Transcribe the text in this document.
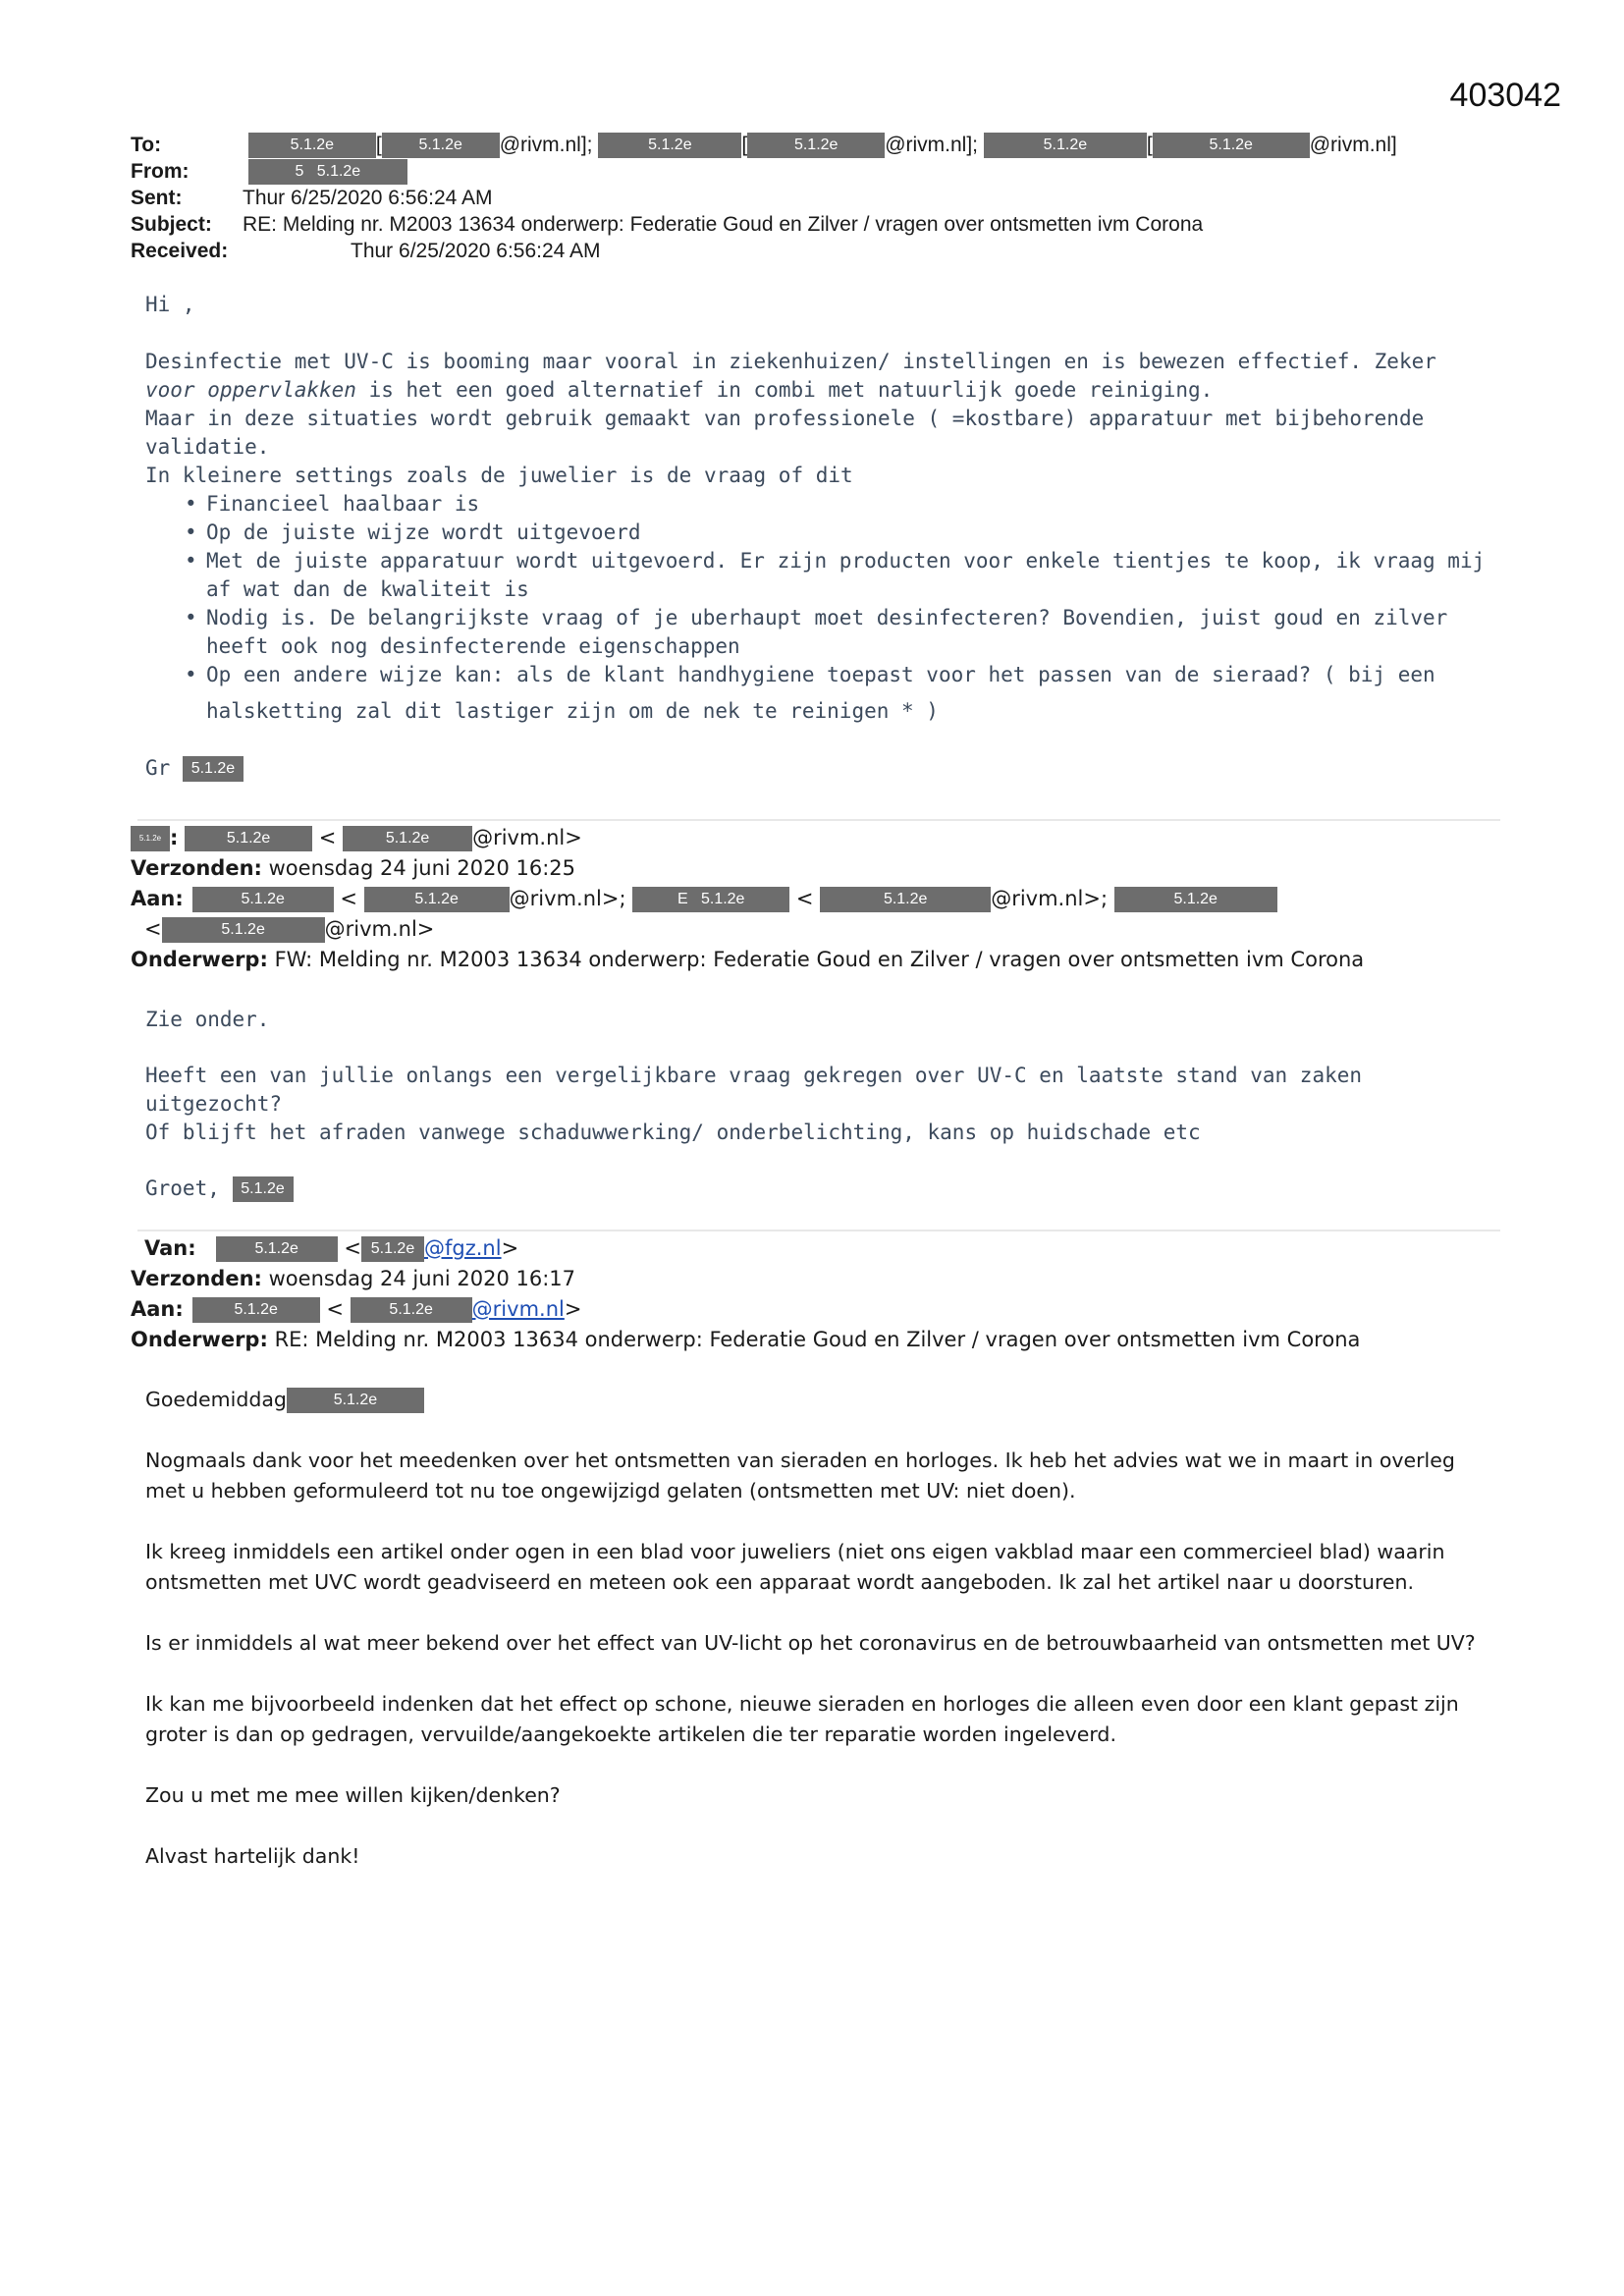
403042
To:	5.1.2e [ 5.1.2e @rivm.nl];	5.1.2e [	5.1.2e @rivm.nl];	5.1.2e	[	5.1.2e	@rivm.nl]
From:	5 5.1.2e
Sent:	Thur 6/25/2020 6:56:24 AM
Subject: RE: Melding nr. M2003 13634 onderwerp: Federatie Goud en Zilver / vragen over ontsmetten ivm Corona
Received:	Thur 6/25/2020 6:56:24 AM

Hi ,

Desinfectie met UV-C is booming maar vooral in ziekenhuizen/ instellingen en is bewezen effectief. Zeker voor oppervlakken is het een goed alternatief in combi met natuurlijk goede reiniging.

Maar in deze situaties wordt gebruik gemaakt van professionele ( =kostbare) apparatuur met bijbehorende validatie.

In kleinere settings zoals de juwelier is de vraag of dit

• Financieel haalbaar is
• Op de juiste wijze wordt uitgevoerd
• Met de juiste apparatuur wordt uitgevoerd. Er zijn producten voor enkele tientjes te koop, ik vraag mij af wat dan de kwaliteit is
• Nodig is. De belangrijkste vraag of je uberhaupt moet desinfecteren? Bovendien, juist goud en zilver heeft ook nog desinfecterende eigenschappen
• Op een andere wijze kan: als de klant handhygiene toepast voor het passen van de sieraad? ( bij een
halsketting zal dit lastiger zijn om de nek te reinigen * )

Gr 5.1.2e

5.1.2e :	5.1.2e <	5.1.2e @rivm.nl>
Verzonden: woensdag 24 juni 2020 16:25
Aan:	5.1.2e	<	5.1.2e @rivm.nl>;	E 5.1.2e <	5.1.2e	@rivm.nl>;	5.1.2e
<	5.1.2e	@rivm.nl>
Onderwerp: FW: Melding nr. M2003 13634 onderwerp: Federatie Goud en Zilver / vragen over ontsmetten ivm Corona

Zie onder.

Heeft een van jullie onlangs een vergelijkbare vraag gekregen over UV-C en laatste stand van zaken uitgezocht?

Of blijft het afraden vanwege schaduwwerking/ onderbelichting, kans op huidschade etc

Groet, 5.1.2e

Van:	5.1.2e < 5.1.2e @fgz.nl>
Verzonden: woensdag 24 juni 2020 16:17
Aan:	5.1.2e <	5.1.2e @rivm.nl>
Onderwerp: RE: Melding nr. M2003 13634 onderwerp: Federatie Goud en Zilver / vragen over ontsmetten ivm Corona

Goedemiddag	5.1.2e

Nogmaals dank voor het meedenken over het ontsmetten van sieraden en horloges. Ik heb het advies wat we in maart in overleg met u hebben geformuleerd tot nu toe ongewijzigd gelaten (ontsmetten met UV: niet doen).

Ik kreeg inmiddels een artikel onder ogen in een blad voor juweliers (niet ons eigen vakblad maar een commercieel blad) waarin ontsmetten met UVC wordt geadviseerd en meteen ook een apparaat wordt aangeboden. Ik zal het artikel naar u doorsturen.

Is er inmiddels al wat meer bekend over het effect van UV-licht op het coronavirus en de betrouwbaarheid van ontsmetten met UV?

Ik kan me bijvoorbeeld indenken dat het effect op schone, nieuwe sieraden en horloges die alleen even door een klant gepast zijn groter is dan op gedragen, vervuilde/aangekoekte artikelen die ter reparatie worden ingeleverd.

Zou u met me mee willen kijken/denken?

Alvast hartelijk dank!
